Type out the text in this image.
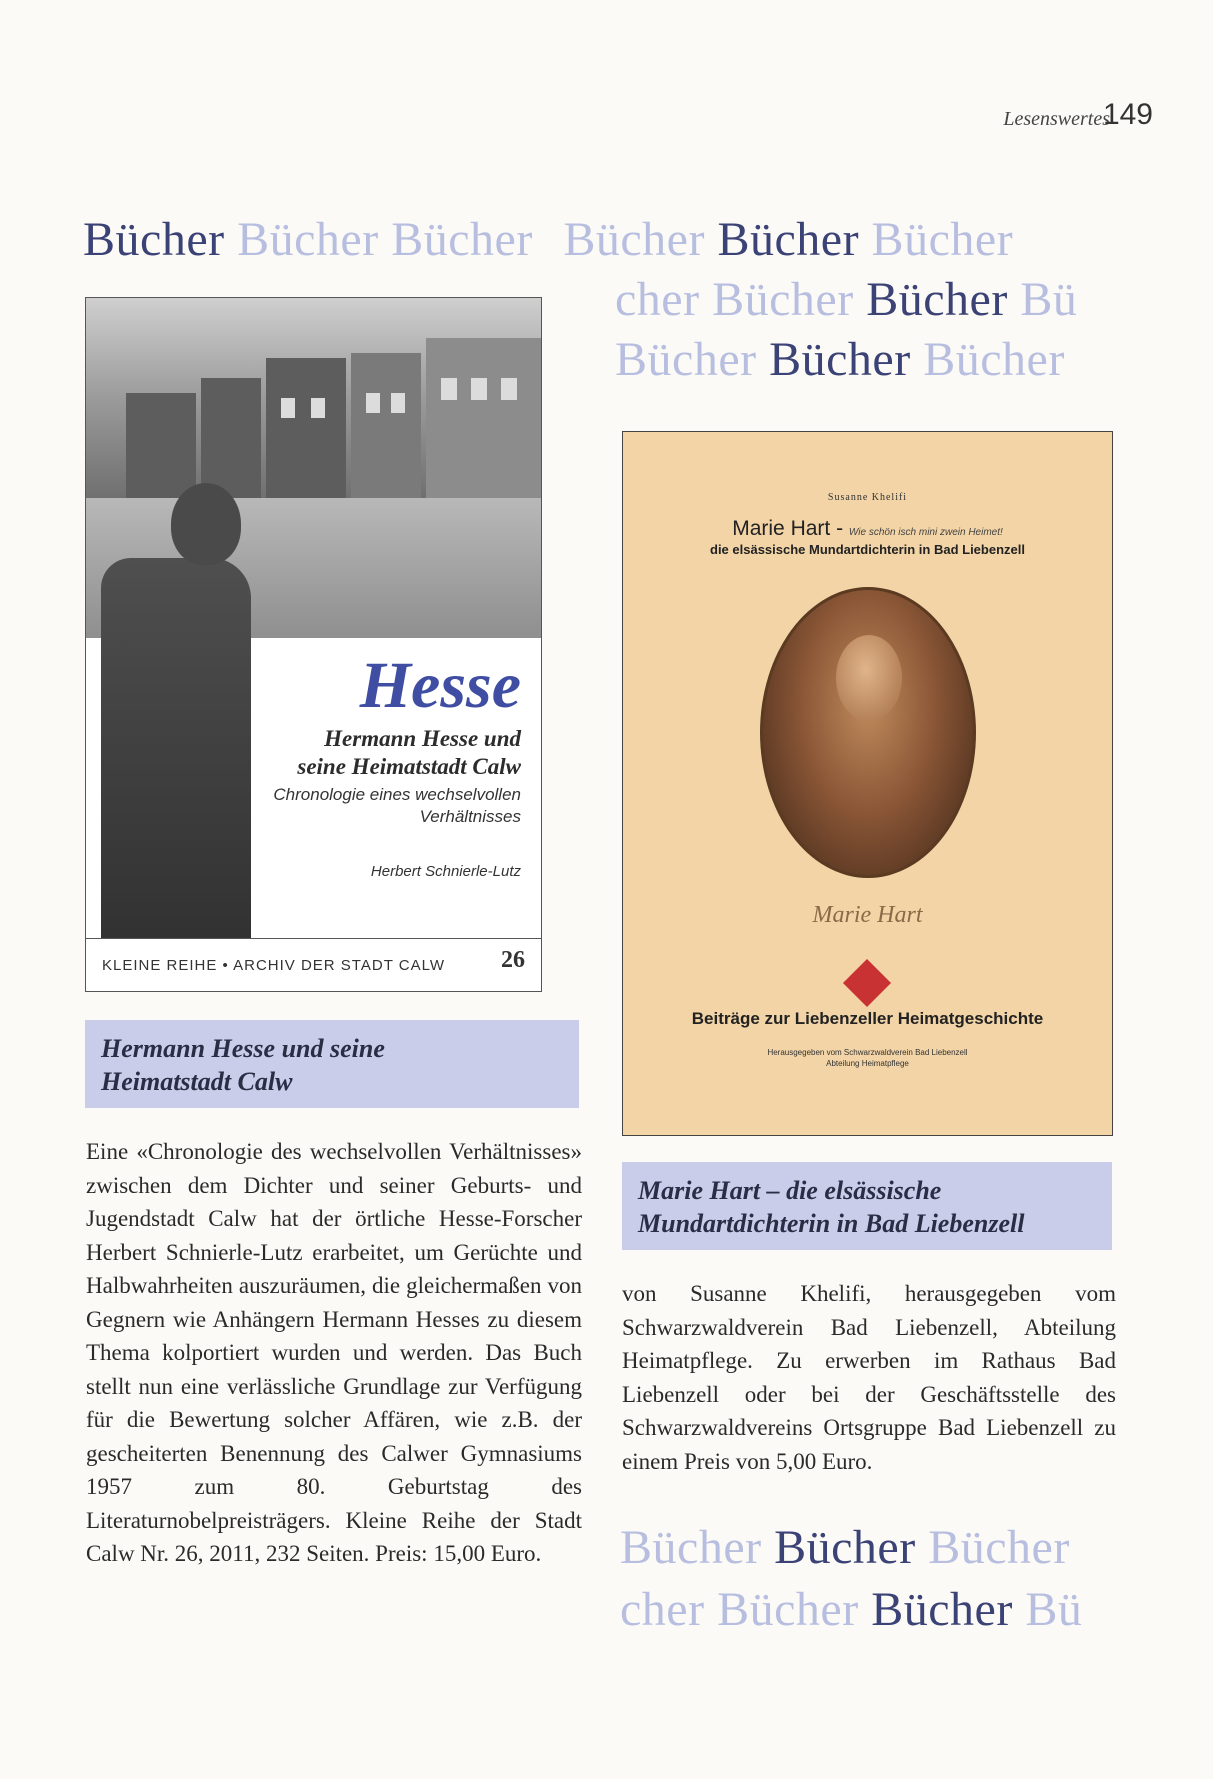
Lesenswertes
149
Bücher Bücher Bücher Bücher Bücher Bücher
cher Bücher Bücher Bü
Bücher Bücher Bücher
Hesse
Hermann Hesse und
seine Heimatstadt Calw
Chronologie eines wechselvollen
Verhältnisses
Herbert Schnierle-Lutz
KLEINE REIHE • ARCHIV DER STADT CALW 26
Hermann Hesse und seine
Heimatstadt Calw
Eine «Chronologie des wechselvollen Verhältnisses» zwischen dem Dichter und seiner Geburts- und Jugendstadt Calw hat der örtliche Hesse-Forscher Herbert Schnierle-Lutz erarbeitet, um Gerüchte und Halbwahrheiten auszuräumen, die gleichermaßen von Gegnern wie Anhängern Hermann Hesses zu diesem Thema kolportiert wurden und werden. Das Buch stellt nun eine verlässliche Grundlage zur Verfügung für die Bewertung solcher Affären, wie z.B. der gescheiterten Benennung des Calwer Gymnasiums 1957 zum 80. Geburtstag des Literaturnobelpreisträgers. Kleine Reihe der Stadt Calw Nr. 26, 2011, 232 Seiten. Preis: 15,00 Euro.
Susanne Khelifi
Marie Hart - Wie schön isch mini zwein Heimet!
die elsässische Mundartdichterin in Bad Liebenzell
Marie Hart
Beiträge zur Liebenzeller Heimatgeschichte
Herausgegeben vom Schwarzwaldverein Bad Liebenzell
Abteilung Heimatpflege
Marie Hart – die elsässische
Mundartdichterin in Bad Liebenzell
von Susanne Khelifi, herausgegeben vom Schwarzwaldverein Bad Liebenzell, Abteilung Heimatpflege. Zu erwerben im Rathaus Bad Liebenzell oder bei der Geschäftsstelle des Schwarzwaldvereins Ortsgruppe Bad Liebenzell zu einem Preis von 5,00 Euro.
Bücher Bücher Bücher
cher Bücher Bücher Bü
